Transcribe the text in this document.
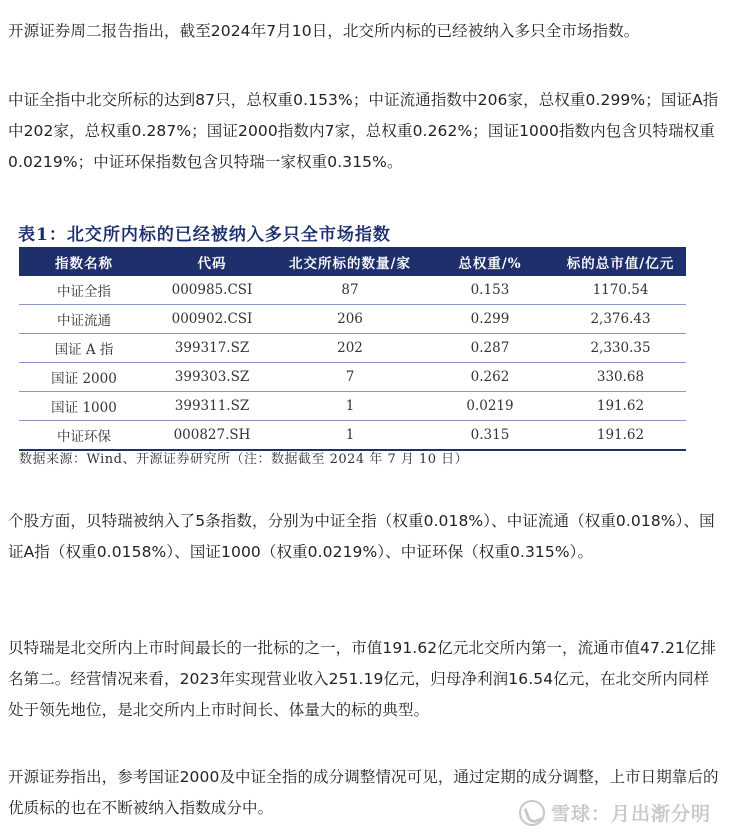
开源证券周二报告指出，截至2024年7月10日，北交所内标的已经被纳入多只全市场指数。

中证全指中北交所标的达到87只，总权重0.153%；中证流通指数中206家，总权重0.299%；国证A指中202家，总权重0.287%；国证2000指数内7家，总权重0.262%；国证1000指数内包含贝特瑞权重0.0219%；中证环保指数包含贝特瑞一家权重0.315%。

表1：北交所内标的已经被纳入多只全市场指数

指数名称	代码	北交所标的数量/家	总权重/%	标的总市值/亿元
中证全指	000985.CSI	87	0.153	1170.54
中证流通	000902.CSI	206	0.299	2,376.43
国证 A 指	399317.SZ	202	0.287	2,330.35
国证 2000	399303.SZ	7	0.262	330.68
国证 1000	399311.SZ	1	0.0219	191.62
中证环保	000827.SH	1	0.315	191.62

数据来源：Wind、开源证券研究所（注：数据截至 2024 年 7 月 10 日）

个股方面，贝特瑞被纳入了5条指数，分别为中证全指（权重0.018%）、中证流通（权重0.018%）、国证A指（权重0.0158%）、国证1000（权重0.0219%）、中证环保（权重0.315%）。

贝特瑞是北交所内上市时间最长的一批标的之一，市值191.62亿元北交所内第一，流通市值47.21亿排名第二。经营情况来看，2023年实现营业收入251.19亿元，归母净利润16.54亿元，在北交所内同样处于领先地位，是北交所内上市时间长、体量大的标的典型。

开源证券指出，参考国证2000及中证全指的成分调整情况可见，通过定期的成分调整，上市日期靠后的优质标的也在不断被纳入指数成分中。	雪球：月出渐分明
